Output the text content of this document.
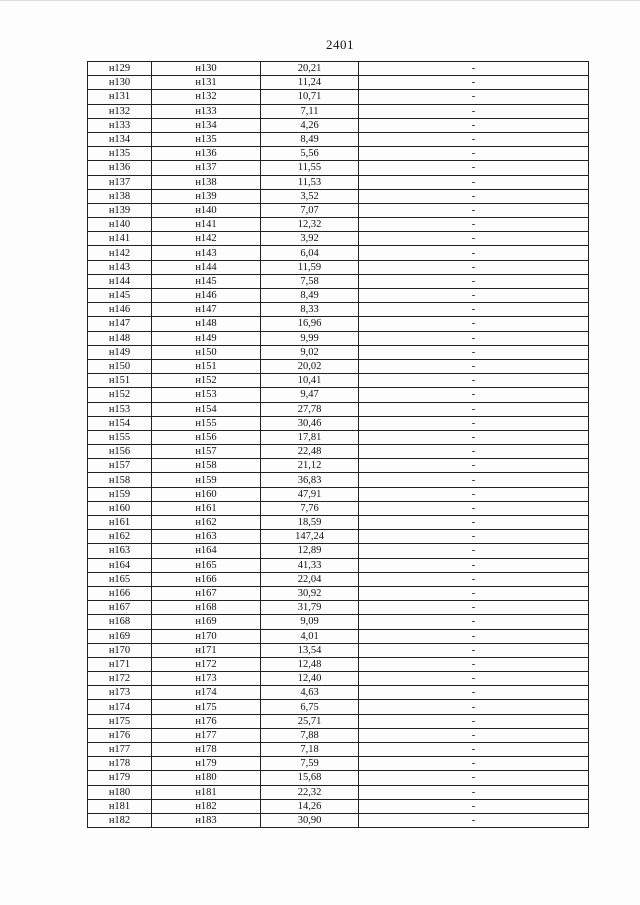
2401
н129	н130	20,21	-
н130	н131	11,24	-
н131	н132	10,71	-
н132	н133	7,11	-
н133	н134	4,26	-
н134	н135	8,49	-
н135	н136	5,56	-
н136	н137	11,55	-
н137	н138	11,53	-
н138	н139	3,52	-
н139	н140	7,07	-
н140	н141	12,32	-
н141	н142	3,92	-
н142	н143	6,04	-
н143	н144	11,59	-
н144	н145	7,58	-
н145	н146	8,49	-
н146	н147	8,33	-
н147	н148	16,96	-
н148	н149	9,99	-
н149	н150	9,02	-
н150	н151	20,02	-
н151	н152	10,41	-
н152	н153	9,47	-
н153	н154	27,78	-
н154	н155	30,46	-
н155	н156	17,81	-
н156	н157	22,48	-
н157	н158	21,12	-
н158	н159	36,83	-
н159	н160	47,91	-
н160	н161	7,76	-
н161	н162	18,59	-
н162	н163	147,24	-
н163	н164	12,89	-
н164	н165	41,33	-
н165	н166	22,04	-
н166	н167	30,92	-
н167	н168	31,79	-
н168	н169	9,09	-
н169	н170	4,01	-
н170	н171	13,54	-
н171	н172	12,48	-
н172	н173	12,40	-
н173	н174	4,63	-
н174	н175	6,75	-
н175	н176	25,71	-
н176	н177	7,88	-
н177	н178	7,18	-
н178	н179	7,59	-
н179	н180	15,68	-
н180	н181	22,32	-
н181	н182	14,26	-
н182	н183	30,90	-
